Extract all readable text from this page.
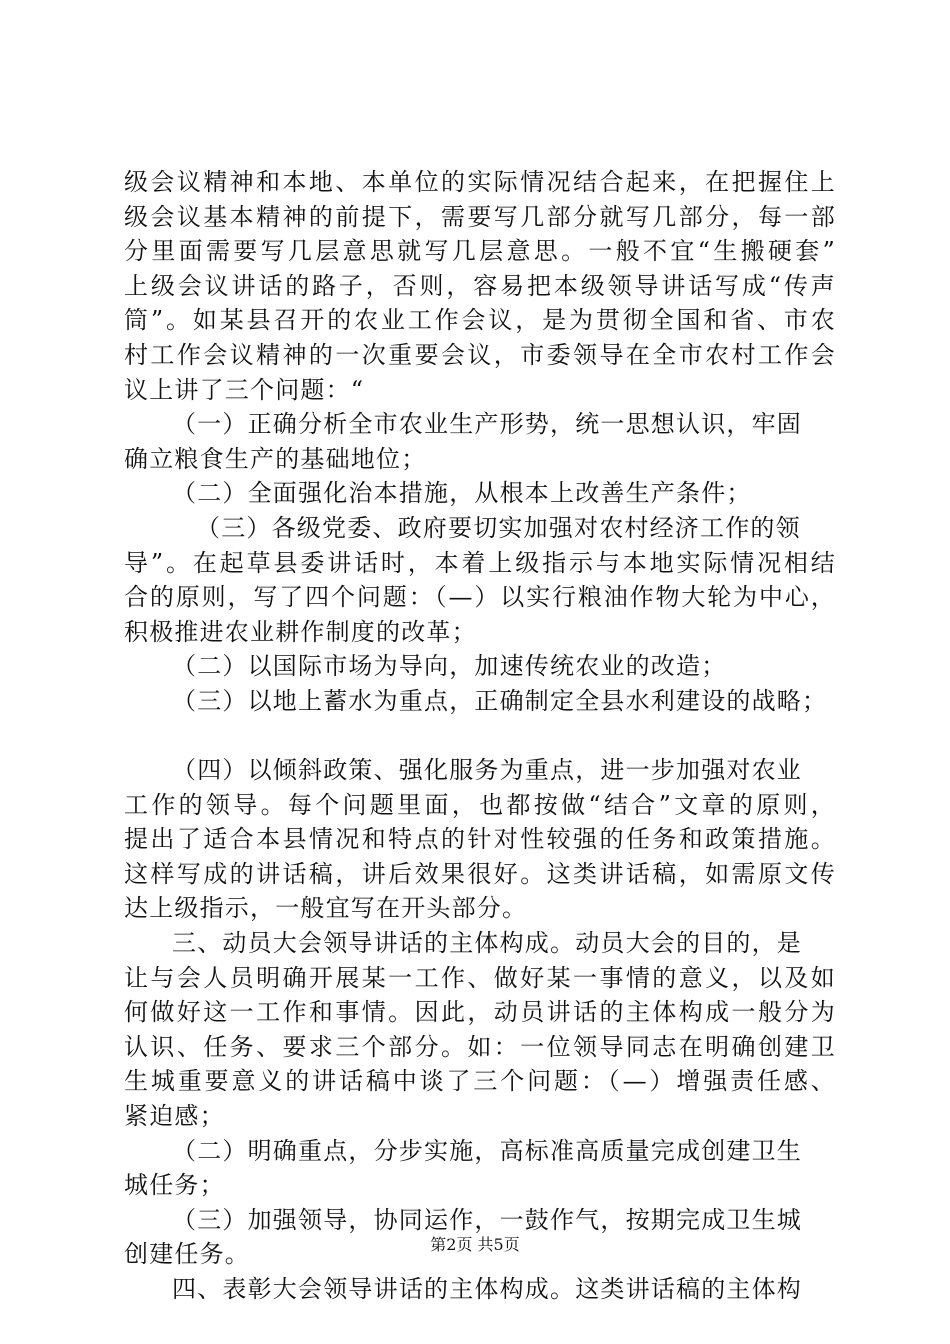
级会议精神和本地、本单位的实际情况结合起来，在把握住上
级会议基本精神的前提下，需要写几部分就写几部分，每一部
分里面需要写几层意思就写几层意思。一般不宜“生搬硬套”
上级会议讲话的路子，否则，容易把本级领导讲话写成“传声
筒”。如某县召开的农业工作会议，是为贯彻全国和省、市农
村工作会议精神的一次重要会议，市委领导在全市农村工作会
议上讲了三个问题：“
（一）正确分析全市农业生产形势，统一思想认识，牢固
确立粮食生产的基础地位；
（二）全面强化治本措施，从根本上改善生产条件；
（三）各级党委、政府要切实加强对农村经济工作的领
导”。在起草县委讲话时，本着上级指示与本地实际情况相结
合的原则，写了四个问题：（—）以实行粮油作物大轮为中心，
积极推进农业耕作制度的改革；
（二）以国际市场为导向，加速传统农业的改造；
（三）以地上蓄水为重点，正确制定全县水利建设的战略；
（四）以倾斜政策、强化服务为重点，进一步加强对农业
工作的领导。每个问题里面，也都按做“结合”文章的原则，
提出了适合本县情况和特点的针对性较强的任务和政策措施。
这样写成的讲话稿，讲后效果很好。这类讲话稿，如需原文传
达上级指示，一般宜写在开头部分。
三、动员大会领导讲话的主体构成。动员大会的目的，是
让与会人员明确开展某一工作、做好某一事情的意义，以及如
何做好这一工作和事情。因此，动员讲话的主体构成一般分为
认识、任务、要求三个部分。如：一位领导同志在明确创建卫
生城重要意义的讲话稿中谈了三个问题：（—）增强责任感、
紧迫感；
（二）明确重点，分步实施，高标准高质量完成创建卫生
城任务；
（三）加强领导，协同运作，一鼓作气，按期完成卫生城
创建任务。
四、表彰大会领导讲话的主体构成。这类讲话稿的主体构
第2页 共5页
